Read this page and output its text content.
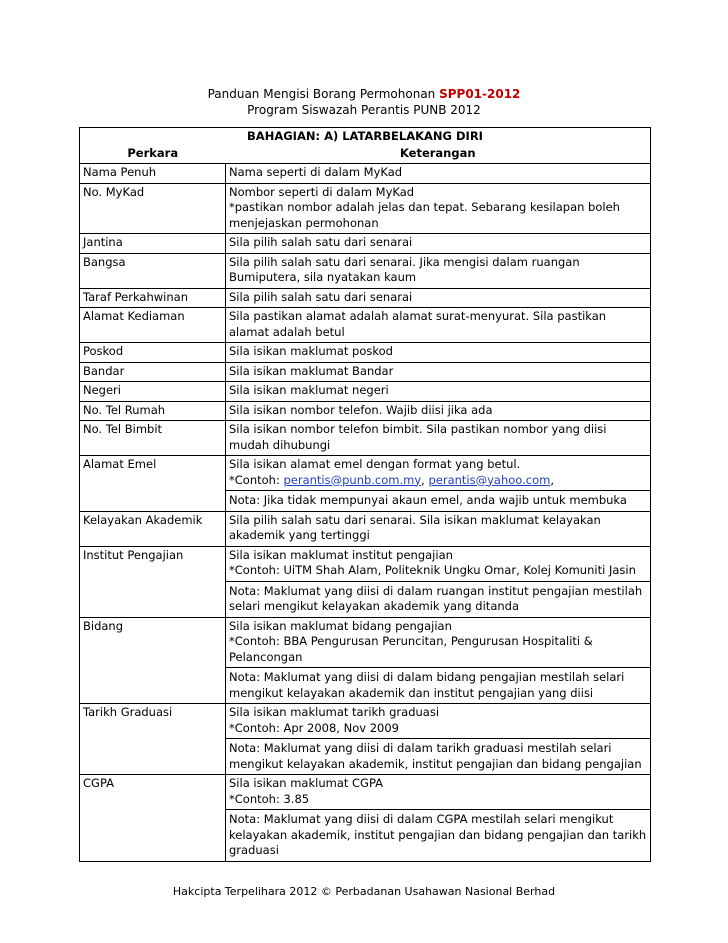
Panduan Mengisi Borang Permohonan SPP01-2012
Program Siswazah Perantis PUNB 2012
BAHAGIAN: A) LATARBELAKANG DIRI	
Perkara	Keterangan
Nama Penuh	Nama seperti di dalam MyKad

No. MyKad	Nombor seperti di dalam MyKad
*pastikan nombor adalah jelas dan tepat. Sebarang kesilapan boleh menjejaskan permohonan

Jantina	Sila pilih salah satu dari senarai

Bangsa	Sila pilih salah satu dari senarai. Jika mengisi dalam ruangan Bumiputera, sila nyatakan kaum

Taraf Perkahwinan	Sila pilih salah satu dari senarai

Alamat Kediaman	Sila pastikan alamat adalah alamat surat-menyurat. Sila pastikan alamat adalah betul

Poskod	Sila isikan maklumat poskod

Bandar	Sila isikan maklumat Bandar

Negeri	Sila isikan maklumat negeri

No. Tel Rumah	Sila isikan nombor telefon. Wajib diisi jika ada

No. Tel Bimbit	Sila isikan nombor telefon bimbit. Sila pastikan nombor yang diisi mudah dihubungi

Alamat Emel	Sila isikan alamat emel dengan format yang betul.
*Contoh: perantis@punb.com.my, perantis@yahoo.com,
Nota: Jika tidak mempunyai akaun emel, anda wajib untuk membuka

Kelayakan Akademik	Sila pilih salah satu dari senarai. Sila isikan maklumat kelayakan akademik yang tertinggi

Institut Pengajian	Sila isikan maklumat institut pengajian
*Contoh: UiTM Shah Alam, Politeknik Ungku Omar, Kolej Komuniti Jasin
Nota: Maklumat yang diisi di dalam ruangan institut pengajian mestilah selari mengikut kelayakan akademik yang ditanda

Bidang	Sila isikan maklumat bidang pengajian
*Contoh: BBA Pengurusan Peruncitan, Pengurusan Hospitaliti & Pelancongan
Nota: Maklumat yang diisi di dalam bidang pengajian mestilah selari mengikut kelayakan akademik dan institut pengajian yang diisi

Tarikh Graduasi	Sila isikan maklumat tarikh graduasi
*Contoh: Apr 2008, Nov 2009
Nota: Maklumat yang diisi di dalam tarikh graduasi mestilah selari mengikut kelayakan akademik, institut pengajian dan bidang pengajian

CGPA	Sila isikan maklumat CGPA
*Contoh: 3.85
Nota: Maklumat yang diisi di dalam CGPA mestilah selari mengikut kelayakan akademik, institut pengajian dan bidang pengajian dan tarikh graduasi
Hakcipta Terpelihara 2012 © Perbadanan Usahawan Nasional Berhad
